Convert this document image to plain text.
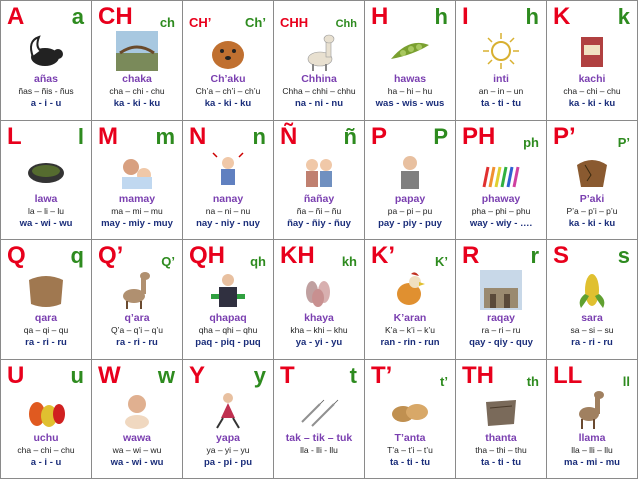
A a
añas
ñas – ñis - ñus
a - i - u
CH ch
chaka
cha – chi - chu
ka - ki - ku
CH’	Ch’
Ch’aku
Ch’a – ch’i – ch’u
ka - ki - ku
CHH Chh
Chhina
Chha – chhi – chhu
na - ni - nu
H h
hawas
ha – hi – hu
was - wis - wus
I	h
inti
an – in – un
ta - ti - tu
K k
kachi
cha – chi – chu
ka - ki - ku
L	l
lawa
la – li – lu
wa - wi - wu
M m
mamay
ma – mi – mu
may - miy - muy
N n
nanay
na – ni – nu
nay - niy - nuy
Ñ ñ
ñañay
ña – ñi – ñu
ñay - ñiy - ñuy
P P
papay
pa – pi – pu
pay - piy - puy
PH ph
phaway
pha – phi – phu
way - wiy - ….
P’	P’
P’aki
P’a – p’i – p’u
ka - ki - ku
Q q
qara
qa – qi – qu
ra - ri - ru
Q’	Q’
q’ara
Q’a – q’i – q’u
ra - ri - ru
QH qh
qhapaq
qha – qhi – qhu
paq - piq - puq
KH kh
khaya
kha – khi – khu
ya - yi - yu
K’	K’
K’aran
K’a – k’i – k’u
ran - rin - run
R r
raqay
ra – ri – ru
qay - qiy - quy
S s
sara
sa – si – su
ra - ri - ru
U u
uchu
cha – chi – chu
a - i - u
W w
wawa
wa – wi – wu
wa - wi - wu
Y y
yapa
ya – yi – yu
pa - pi - pu
T	t
tak – tik – tuk
lla - lli - llu
T’	t’
T’anta
T’a – t’i – t’u
ta - ti - tu
TH	th
thanta
tha – thi – thu
ta - ti - tu
LL	ll
llama
lla – lli – llu
ma - mi - mu
